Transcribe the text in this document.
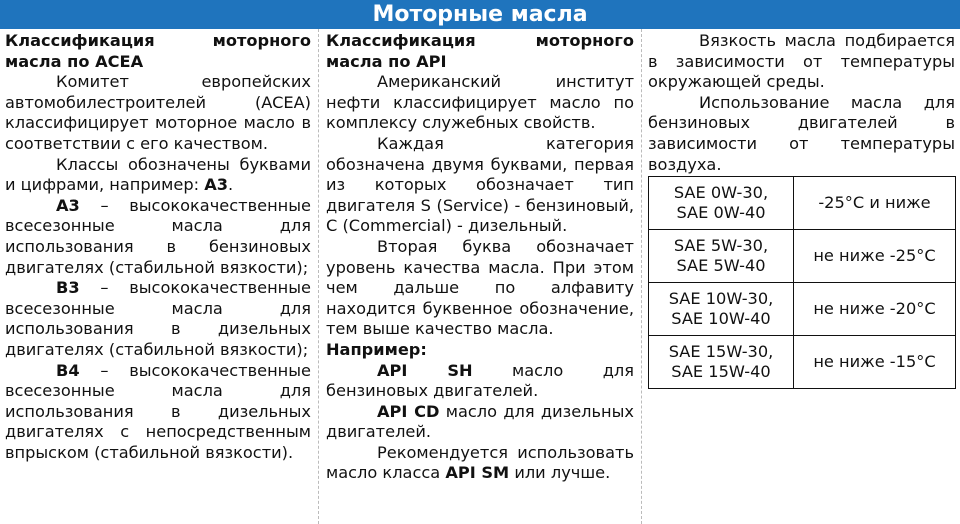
Моторные масла

Классификация моторного масла по ACEA

Комитет европейских автомобилестроителей (ACEA) классифицирует моторное масло в соответствии с его качеством.

Классы обозначены буквами и цифрами, например: A3.

A3 – высококачественные всесезонные масла для использования в бензиновых двигателях (стабильной вязкости);

B3 – высококачественные всесезонные масла для использования в дизельных двигателях (стабильной вязкости);

B4 – высококачественные всесезонные масла для использования в дизельных двигателях с непосредственным впрыском (стабильной вязкости).

Классификация моторного масла по API

Американский институт нефти классифицирует масло по комплексу служебных свойств.

Каждая категория обозначена двумя буквами, первая из которых обозначает тип двигателя S (Service) - бензиновый, C (Commercial) - дизельный.

Вторая буква обозначает уровень качества масла. При этом чем дальше по алфавиту находится буквенное обозначение, тем выше качество масла.

Например:

API SH масло для бензиновых двигателей.

API CD масло для дизельных двигателей.

Рекомендуется использовать масло класса API SM или лучше.

Вязкость масла подбирается в зависимости от температуры окружающей среды.

Использование масла для бензиновых двигателей в зависимости от температуры воздуха.

SAE 0W-30,
SAE 0W-40	-25°C и ниже
SAE 5W-30,
SAE 5W-40	не ниже -25°C
SAE 10W-30,
SAE 10W-40	не ниже -20°C
SAE 15W-30,
SAE 15W-40	не ниже -15°C
